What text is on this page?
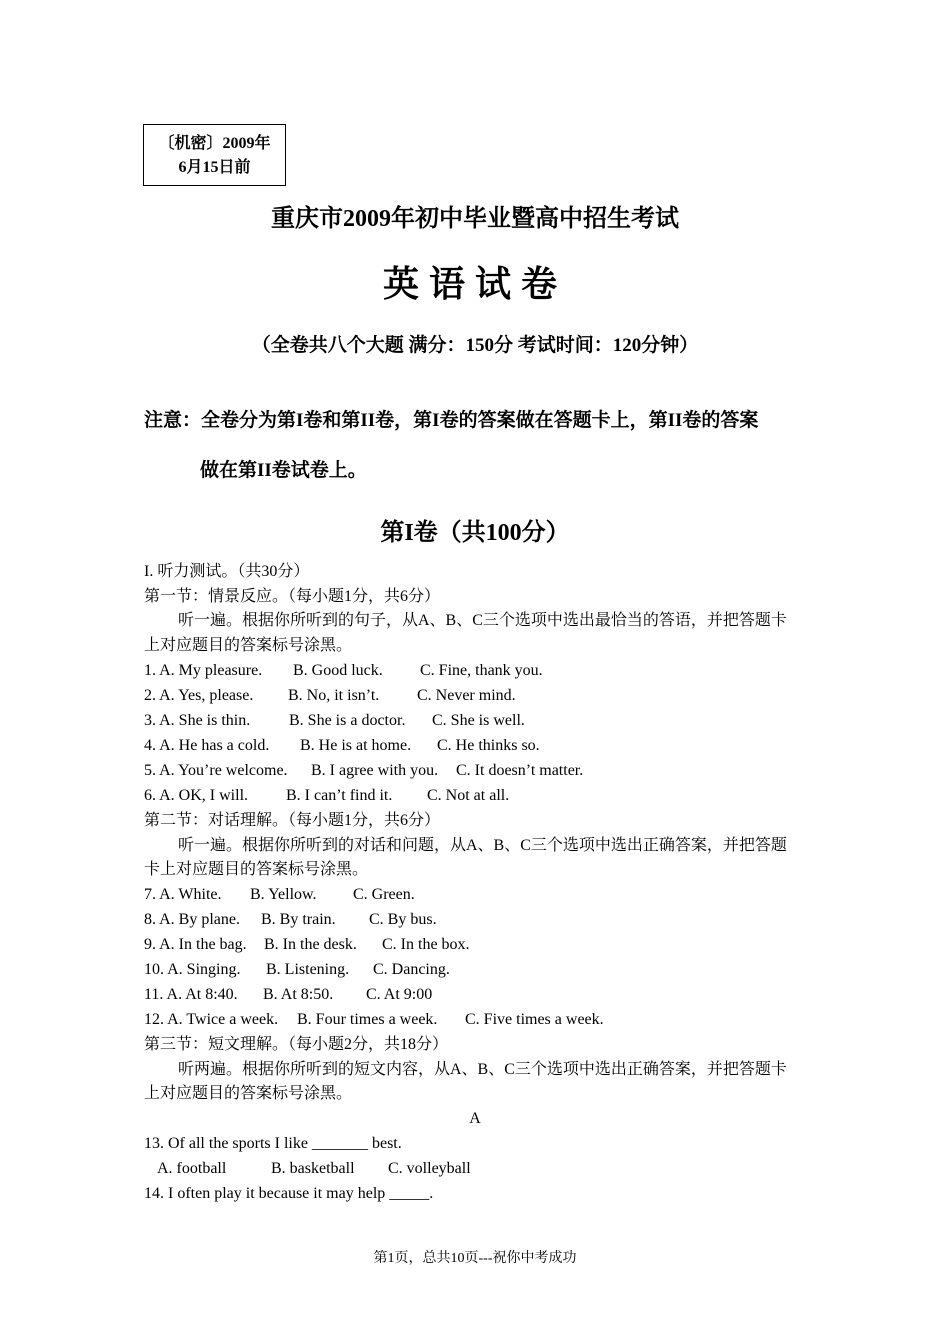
〔机密〕2009年
6月15日前
重庆市2009年初中毕业暨高中招生考试
英语试卷
（全卷共八个大题 满分：150分 考试时间：120分钟）
注意：全卷分为第I卷和第II卷，第I卷的答案做在答题卡上，第II卷的答案
做在第II卷试卷上。
第I卷（共100分）
I. 听力测试。（共30分）
第一节：情景反应。（每小题1分，共6分）
听一遍。根据你所听到的句子，从A、B、C三个选项中选出最恰当的答语，并把答题卡
上对应题目的答案标号涂黑。
1. A. My pleasure. B. Good luck. C. Fine, thank you.
2. A. Yes, please. B. No, it isn’t. C. Never mind.
3. A. She is thin. B. She is a doctor. C. She is well.
4. A. He has a cold. B. He is at home. C. He thinks so.
5. A. You’re welcome. B. I agree with you. C. It doesn’t matter.
6. A. OK, I will. B. I can’t find it. C. Not at all.
第二节：对话理解。（每小题1分，共6分）
听一遍。根据你所听到的对话和问题，从A、B、C三个选项中选出正确答案，并把答题
卡上对应题目的答案标号涂黑。
7. A. White. B. Yellow. C. Green.
8. A. By plane. B. By train. C. By bus.
9. A. In the bag. B. In the desk. C. In the box.
10. A. Singing. B. Listening. C. Dancing.
11. A. At 8:40. B. At 8:50. C. At 9:00
12. A. Twice a week. B. Four times a week. C. Five times a week.
第三节：短文理解。（每小题2分，共18分）
听两遍。根据你所听到的短文内容，从A、B、C三个选项中选出正确答案，并把答题卡
上对应题目的答案标号涂黑。
A
13. Of all the sports I like _______ best.
A. football	B. basketball C. volleyball
14. I often play it because it may help _____.
第1页，总共10页---祝你中考成功
